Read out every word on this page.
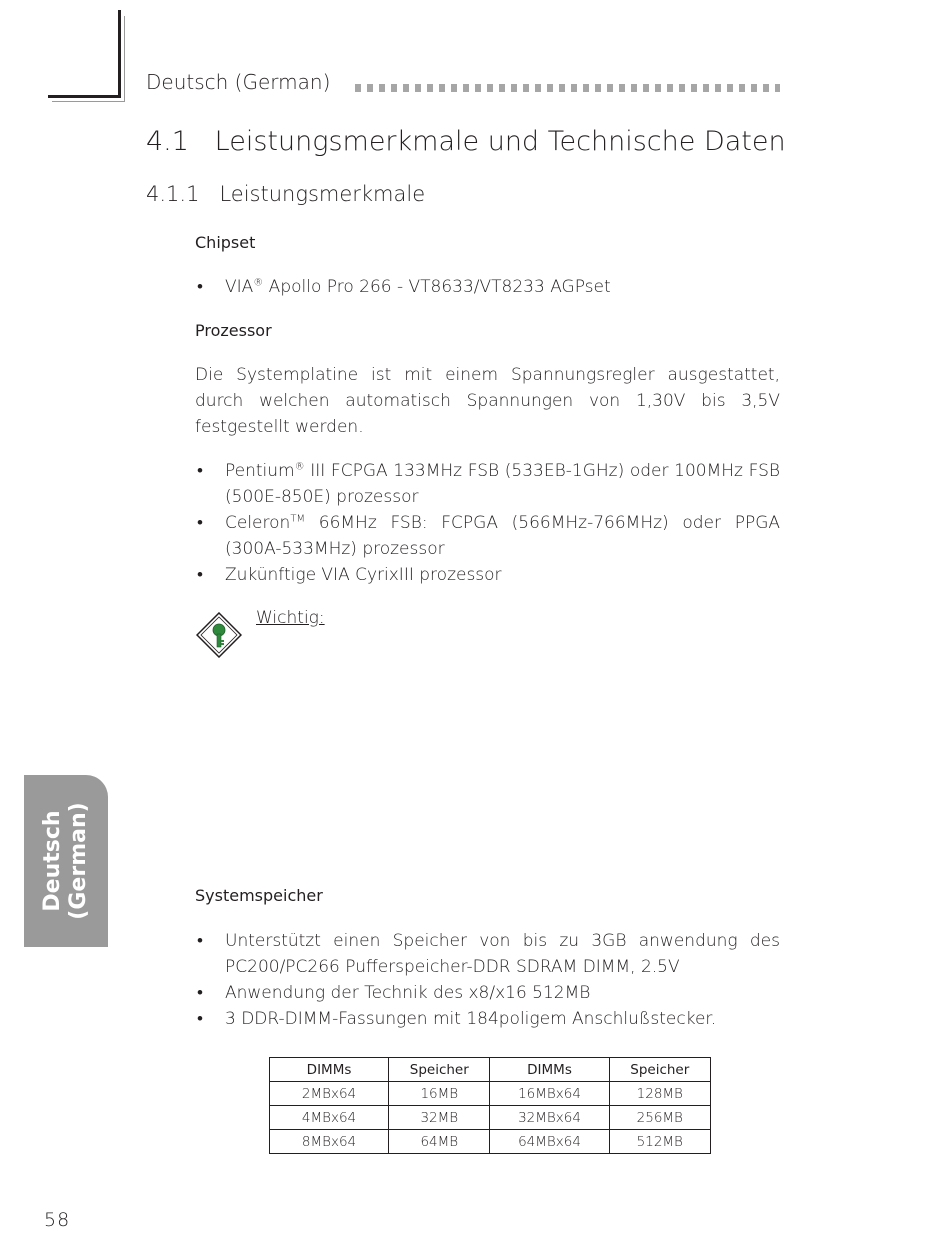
Deutsch (German)
4.1   Leistungsmerkmale und Technische Daten
4.1.1   Leistungsmerkmale
Chipset
• VIA® Apollo Pro 266 - VT8633/VT8233 AGPset
Prozessor
Die Systemplatine ist mit einem Spannungsregler ausgestattet, durch welchen automatisch Spannungen von 1,30V bis 3,5V festgestellt werden.
• Pentium® III FCPGA 133MHz FSB (533EB-1GHz) oder 100MHz FSB (500E-850E) prozessor
• Celeron™ 66MHz FSB: FCPGA (566MHz-766MHz) oder PPGA (300A-533MHz) prozessor
• Zukünftige VIA CyrixIII prozessor
Wichtig:
Deutsch (German)	Systemspeicher
• Unterstützt einen Speicher von bis zu 3GB anwendung des PC200/PC266 Pufferspeicher-DDR SDRAM DIMM, 2.5V
• Anwendung der Technik des x8/x16 512MB
• 3 DDR-DIMM-Fassungen mit 184poligem Anschlußstecker.
DIMMs	Speicher	DIMMs	Speicher
2MBx64	16MB	16MBx64	128MB
4MBx64	32MB	32MBx64	256MB
8MBx64	64MB	64MBx64	512MB
58
